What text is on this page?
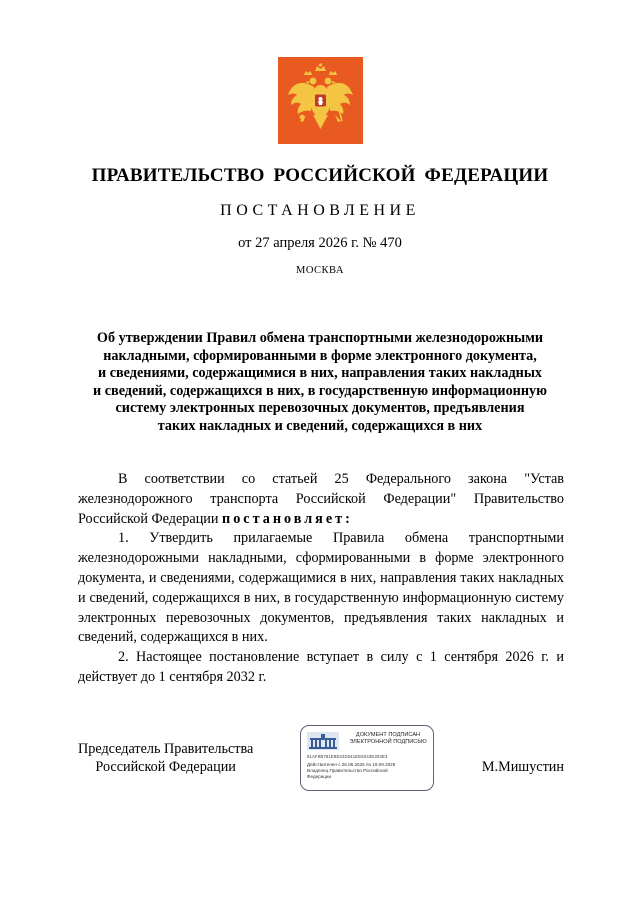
ПРАВИТЕЛЬСТВО РОССИЙСКОЙ ФЕДЕРАЦИИ
ПОСТАНОВЛЕНИЕ
от 27 апреля 2026 г. № 470
МОСКВА
Об утверждении Правил обмена транспортными железнодорожными
накладными, сформированными в форме электронного документа,
и сведениями, содержащимися в них, направления таких накладных
и сведений, содержащихся в них, в государственную информационную
систему электронных перевозочных документов, предъявления
таких накладных и сведений, содержащихся в них

В соответствии со статьей 25 Федерального закона "Устав железнодорожного транспорта Российской Федерации" Правительство Российской Федерации постановляет:

1. Утвердить прилагаемые Правила обмена транспортными железнодорожными накладными, сформированными в форме электронного документа, и сведениями, содержащимися в них, направления таких накладных и сведений, содержащихся в них, в государственную информационную систему электронных перевозочных документов, предъявления таких накладных и сведений, содержащихся в них.

2. Настоящее постановление вступает в силу с 1 сентября 2026 г. и действует до 1 сентября 2032 г.

Председатель Правительства
Российской Федерации
ДОКУМЕНТ ПОДПИСАН
ЭЛЕКТРОННОЙ ПОДПИСЬЮ
51AF8B781E9E42D041EE5043E303E3
Действителен с 26.06.2025 по 19.09.2026
Владелец Правительство Российской
Федерации
М.Мишустин
